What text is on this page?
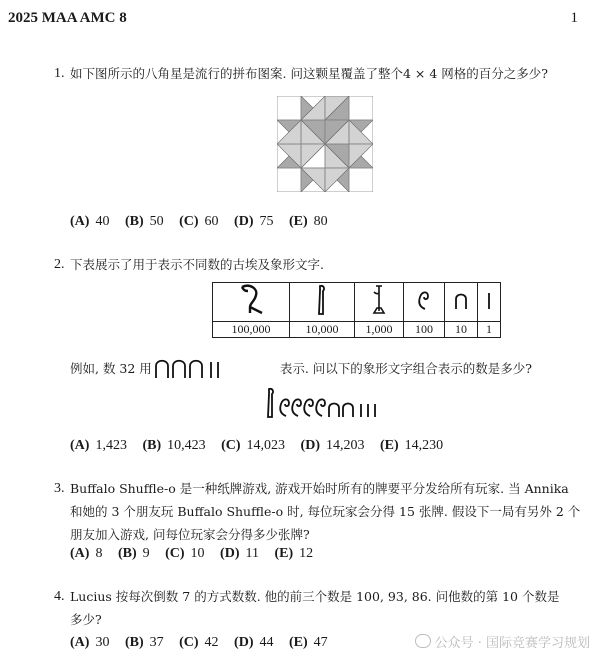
2025 MAA AMC 8	1
1. 如下图所示的八角星是流行的拼布图案. 问这颗星覆盖了整个4 × 4 网格的百分之多少?
(A) 40 (B) 50 (C) 60 (D) 75 (E) 80
2. 下表展示了用于表示不同数的古埃及象形文字.

100,000	10,000	1,000	100	10	1
例如, 数 32 用	表示. 问以下的象形文字组合表示的数是多少?
(A) 1,423 (B) 10,423 (C) 14,023 (D) 14,203 (E) 14,230
3. Buffalo Shuffle-o 是一种纸牌游戏, 游戏开始时所有的牌要平分发给所有玩家. 当 Annika
和她的 3 个朋友玩 Buffalo Shuffle-o 时, 每位玩家会分得 15 张牌. 假设下一局有另外 2 个
朋友加入游戏, 问每位玩家会分得多少张牌?
(A) 8 (B) 9 (C) 10 (D) 11 (E) 12
4. Lucius 按每次倒数 7 的方式数数. 他的前三个数是 100, 93, 86. 问他数的第 10 个数是
多少?
(A) 30 (B) 37 (C) 42 (D) 44 (E) 47	公众号 · 国际竞赛学习规划
